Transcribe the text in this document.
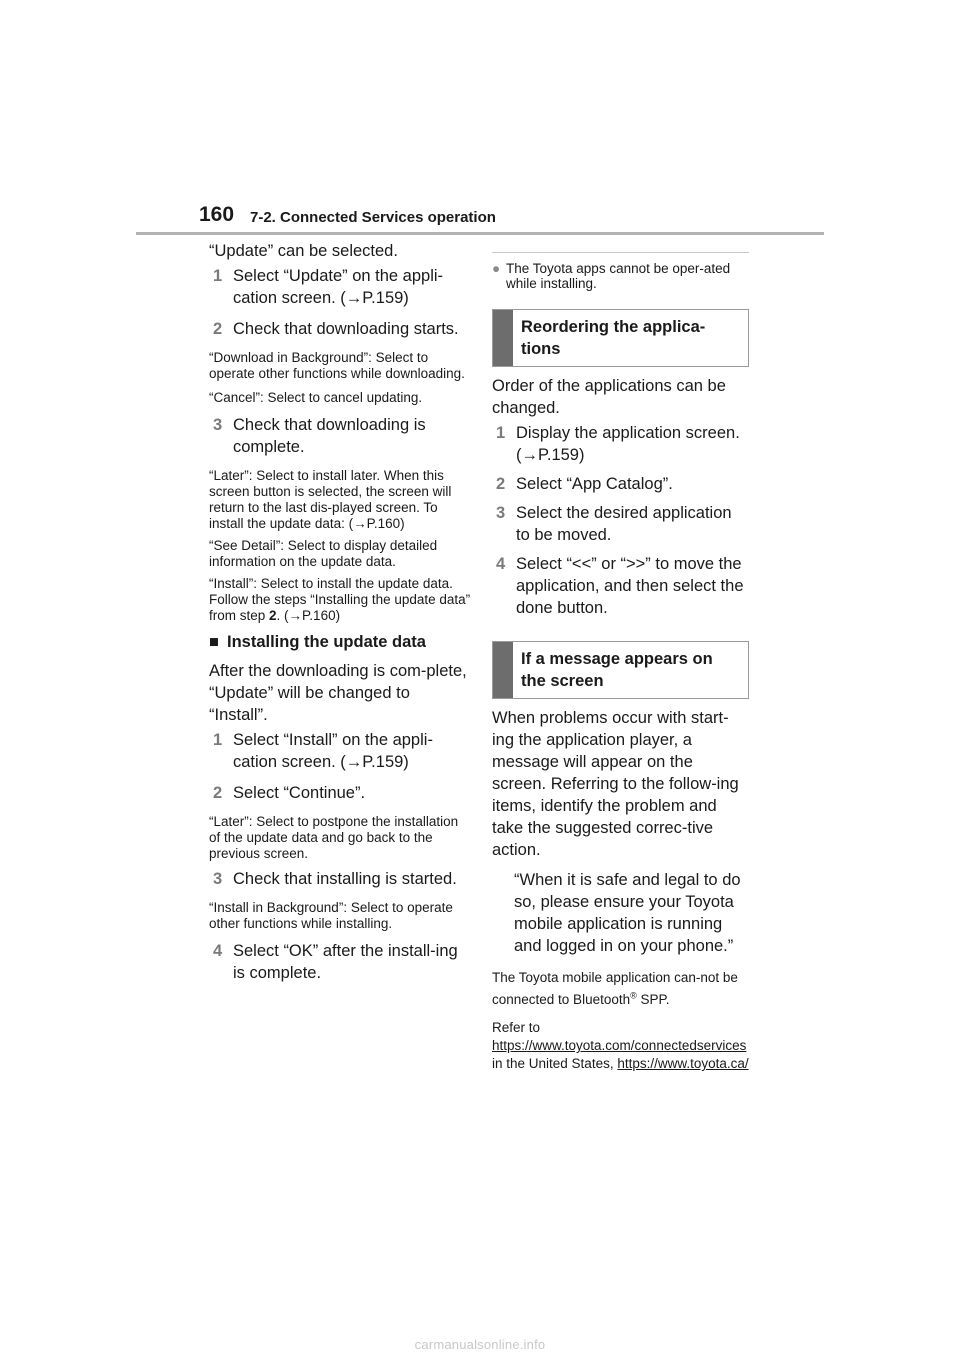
160 7-2. Connected Services operation

“Update” can be selected.

1 Select “Update” on the appli-cation screen. (→P.159)
2 Check that downloading starts.

“Download in Background”: Select to operate other functions while downloading.

“Cancel”: Select to cancel updating.

3 Check that downloading is complete.

“Later”: Select to install later. When this screen button is selected, the screen will return to the last dis-played screen. To install the update data: (→P.160)

“See Detail”: Select to display detailed information on the update data.

“Install”: Select to install the update data. Follow the steps “Installing the update data” from step 2. (→P.160)

■ Installing the update data

After the downloading is com-plete, “Update” will be changed to “Install”.

1 Select “Install” on the appli-cation screen. (→P.159)
2 Select “Continue”.

“Later”: Select to postpone the installation of the update data and go back to the previous screen.

3 Check that installing is started.

“Install in Background”: Select to operate other functions while installing.

4 Select “OK” after the install-ing is complete.
● The Toyota apps cannot be oper-ated while installing.
Reordering the applica-tions

Order of the applications can be changed.

1 Display the application screen. (→P.159)
2 Select “App Catalog”.
3 Select the desired application to be moved.
4 Select “<<” or “>>” to move the application, and then select the done button.
If a message appears on the screen

When problems occur with start-ing the application player, a message will appear on the screen. Referring to the follow-ing items, identify the problem and take the suggested correc-tive action.

“When it is safe and legal to do so, please ensure your Toyota mobile application is running and logged in on your phone.”

The Toyota mobile application can-not be connected to Bluetooth® SPP.

Refer to
https://www.toyota.com/connectedservices in the United States, https://www.toyota.ca/

carmanualsonline.info
